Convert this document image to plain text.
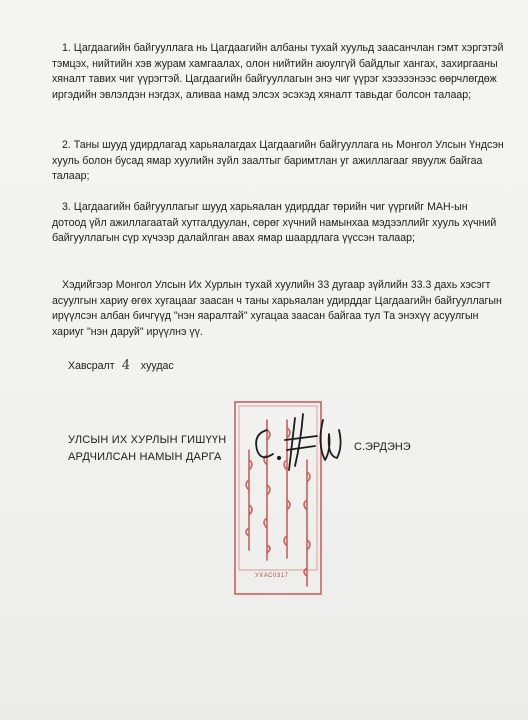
1. Цагдаагийн байгууллага нь Цагдаагийн албаны тухай хуульд заасанчлан гэмт хэргэтэй тэмцэх, нийтийн хэв журам хамгаалах, олон нийтийн аюулгүй байдлыг хангах, захиргааны хяналт тавих чиг үүрэгтэй. Цагдаагийн байгууллагын энэ чиг үүрэг хэээээнээс өөрчлөгдөж иргэдийн эвлэлдэн нэгдэх, аливаа намд элсэх эсэхэд хяналт тавьдаг болсон талаар;

2. Таны шууд удирдлагад харьяалагдах Цагдаагийн байгууллага нь Монгол Улсын Үндсэн хууль болон бусад ямар хуулийн зүйл заалтыг баримтлан уг ажиллагааг явуулж байгаа талаар;

3. Цагдаагийн байгууллагыг шууд харьяалан удирддаг төрийн чиг үүргийг МАН-ын дотоод үйл ажиллагаатай хутгалдуулан, сөрөг хүчний намынхаа мэдээллийг хууль хүчний байгууллагын сүр хүчээр далайлган авах ямар шаардлага үүссэн талаар;

Хэдийгээр Монгол Улсын Их Хурлын тухай хуулийн 33 дугаар зүйлийн 33.3 дахь хэсэгт асуулгын хариу өгөх хугацааг заасан ч таны харьяалан удирддаг Цагдаагийн байгууллагын ирүүлсэн албан бичгүүд "нэн яаралтай" хугацаа заасан байгаа тул Та энэхүү асуулгын хариуг "нэн даруй" ирүүлнэ үү.

Хавсралт 4 хуудас
УХАС0317
УЛСЫН ИХ ХУРЛЫН ГИШҮҮН
АРДЧИЛСАН НАМЫН ДАРГА
С.ЭРДЭНЭ
